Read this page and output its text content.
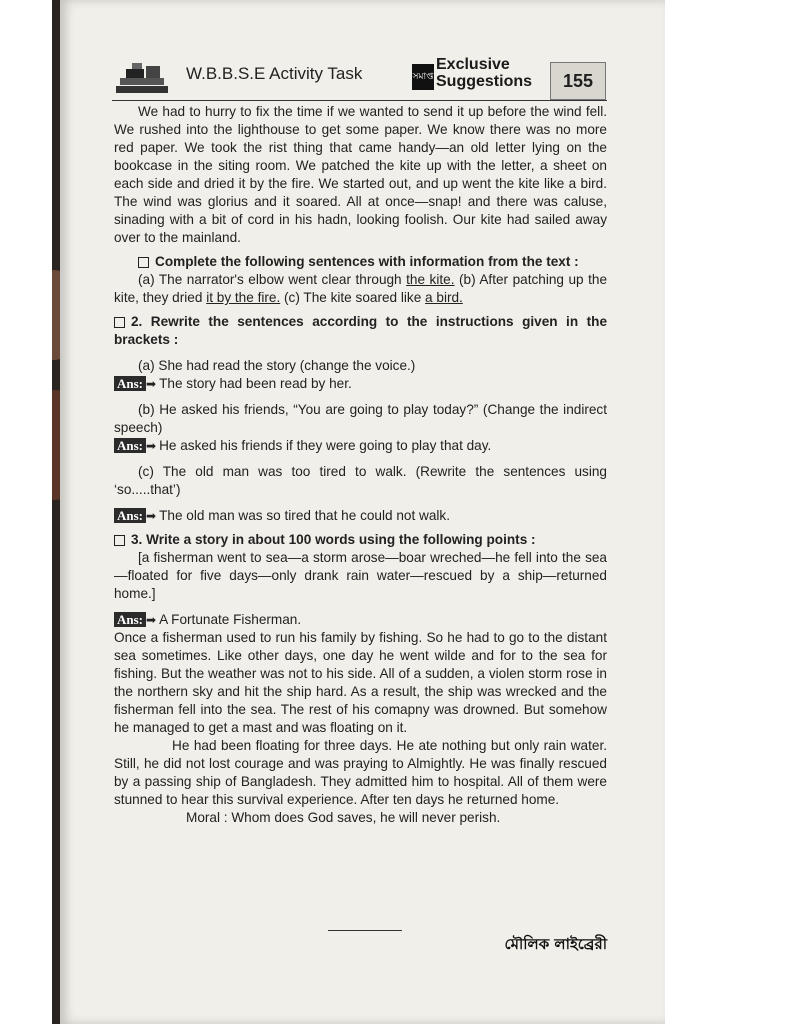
W.B.B.S.E Activity Task	সমাপ্ত
Exclusive
Suggestions	155

We had to hurry to fix the time if we wanted to send it up before the wind fell. We rushed into the lighthouse to get some paper. We know there was no more red paper. We took the rist thing that came handy—an old letter lying on the bookcase in the siting room. We patched the kite up with the letter, a sheet on each side and dried it by the fire. We started out, and up went the kite like a bird. The wind was glorius and it soared. All at once—snap! and there was caluse, sinading with a bit of cord in his hadn, looking foolish. Our kite had sailed away over to the mainland.

Complete the following sentences with information from the text :

(a) The narrator's elbow went clear through the kite. (b) After patching up the kite, they dried it by the fire. (c) The kite soared like a bird.

2. Rewrite the sentences according to the instructions given in the brackets :

(a) She had read the story (change the voice.)

Ans: ➡ The story had been read by her.

(b) He asked his friends, “You are going to play today?” (Change the indirect speech)

Ans: ➡ He asked his friends if they were going to play that day.

(c) The old man was too tired to walk. (Rewrite the sentences using ‘so.....that’)

Ans: ➡ The old man was so tired that he could not walk.

3. Write a story in about 100 words using the following points :

[a fisherman went to sea—a storm arose—boar wreched—he fell into the sea—floated for five days—only drank rain water—rescued by a ship—returned home.]

Ans: ➡ A Fortunate Fisherman.

Once a fisherman used to run his family by fishing. So he had to go to the distant sea sometimes. Like other days, one day he went wilde and for to the sea for fishing. But the weather was not to his side. All of a sudden, a violen storm rose in the northern sky and hit the ship hard. As a result, the ship was wrecked and the fisherman fell into the sea. The rest of his comapny was drowned. But somehow he managed to get a mast and was floating on it.

He had been floating for three days. He ate nothing but only rain water. Still, he did not lost courage and was praying to Almightly. He was finally rescued by a passing ship of Bangladesh. They admitted him to hospital. All of them were stunned to hear this survival experience. After ten days he returned home.

Moral : Whom does God saves, he will never perish.

মৌলিক লাইব্রেরী
